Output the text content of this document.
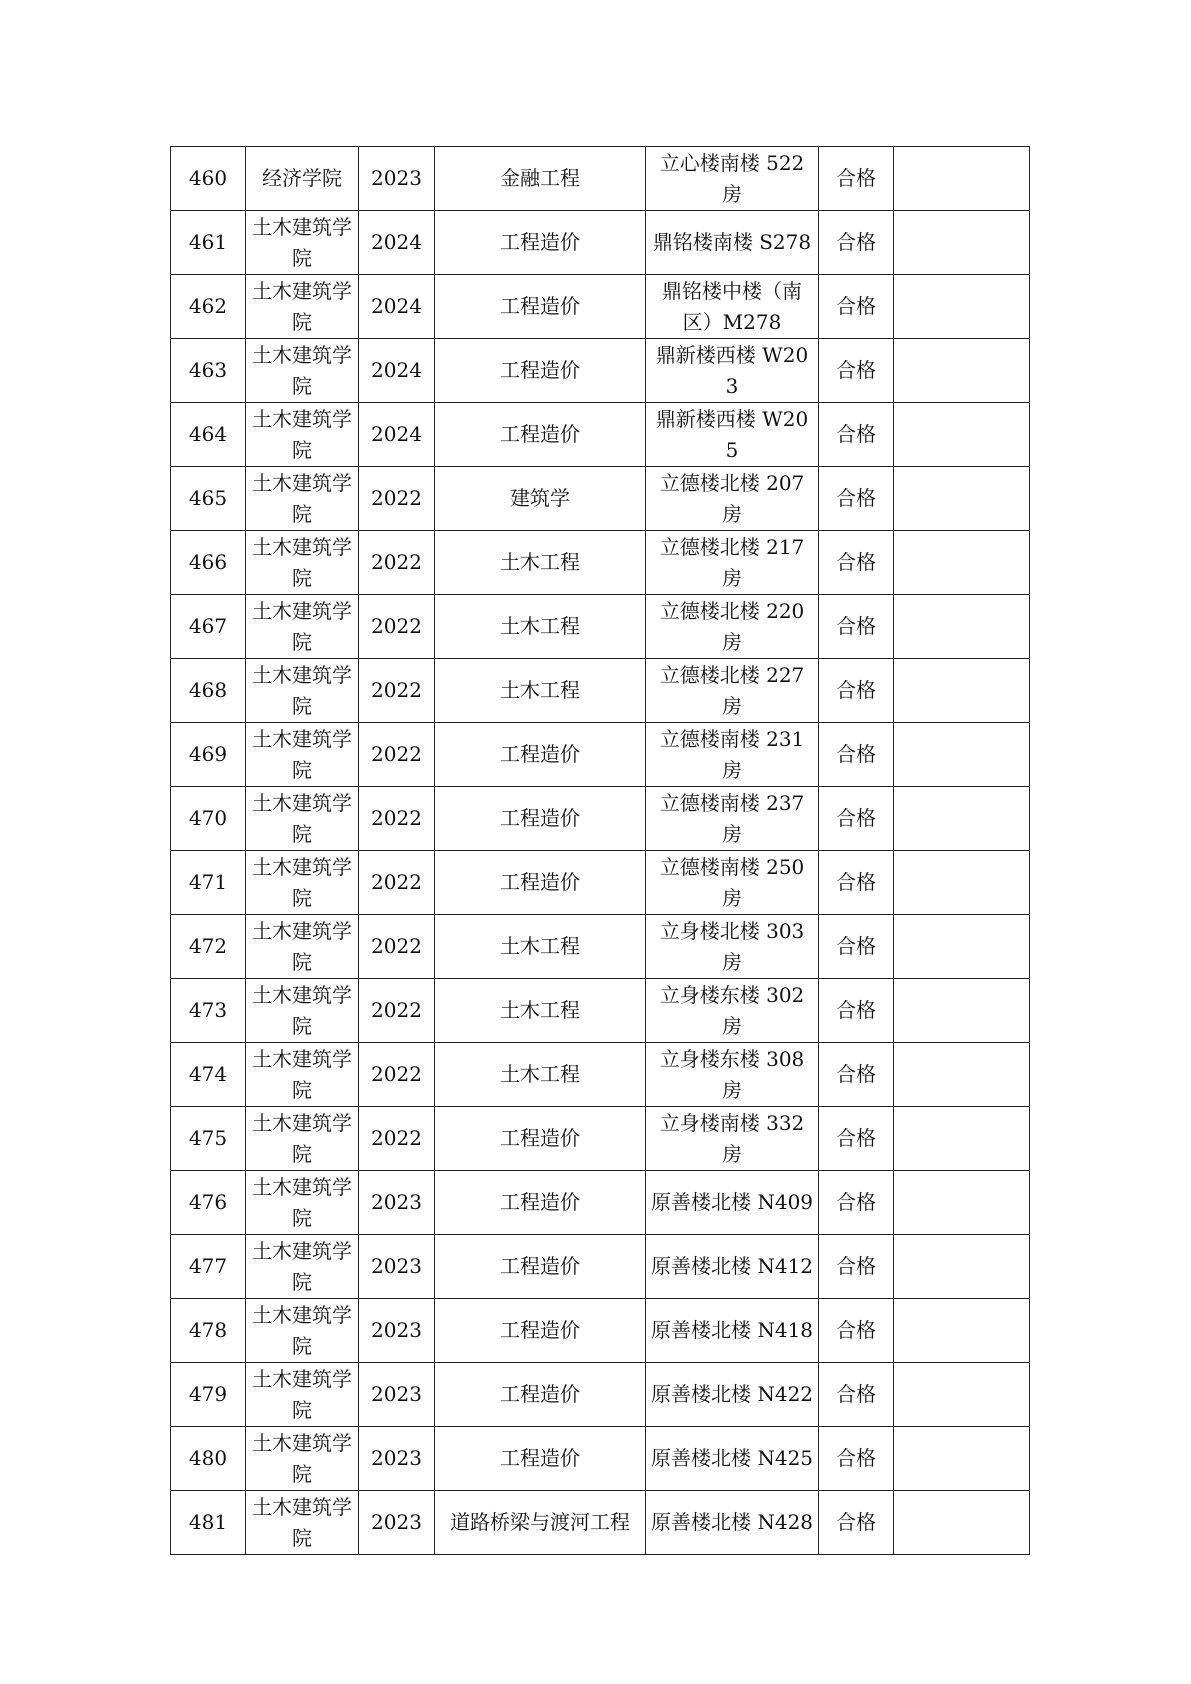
460	经济学院	2023	金融工程	立心楼南楼 522 房	合格	
461	土木建筑学院	2024	工程造价	鼎铭楼南楼 S278	合格	
462	土木建筑学院	2024	工程造价	鼎铭楼中楼（南区）M278	合格	
463	土木建筑学院	2024	工程造价	鼎新楼西楼 W203	合格	
464	土木建筑学院	2024	工程造价	鼎新楼西楼 W205	合格	
465	土木建筑学院	2022	建筑学	立德楼北楼 207 房	合格	
466	土木建筑学院	2022	土木工程	立德楼北楼 217 房	合格	
467	土木建筑学院	2022	土木工程	立德楼北楼 220 房	合格	
468	土木建筑学院	2022	土木工程	立德楼北楼 227 房	合格	
469	土木建筑学院	2022	工程造价	立德楼南楼 231 房	合格	
470	土木建筑学院	2022	工程造价	立德楼南楼 237 房	合格	
471	土木建筑学院	2022	工程造价	立德楼南楼 250 房	合格	
472	土木建筑学院	2022	土木工程	立身楼北楼 303 房	合格	
473	土木建筑学院	2022	土木工程	立身楼东楼 302 房	合格	
474	土木建筑学院	2022	土木工程	立身楼东楼 308 房	合格	
475	土木建筑学院	2022	工程造价	立身楼南楼 332 房	合格	
476	土木建筑学院	2023	工程造价	原善楼北楼 N409	合格	
477	土木建筑学院	2023	工程造价	原善楼北楼 N412	合格	
478	土木建筑学院	2023	工程造价	原善楼北楼 N418	合格	
479	土木建筑学院	2023	工程造价	原善楼北楼 N422	合格	
480	土木建筑学院	2023	工程造价	原善楼北楼 N425	合格	
481	土木建筑学院	2023	道路桥梁与渡河工程	原善楼北楼 N428	合格	
